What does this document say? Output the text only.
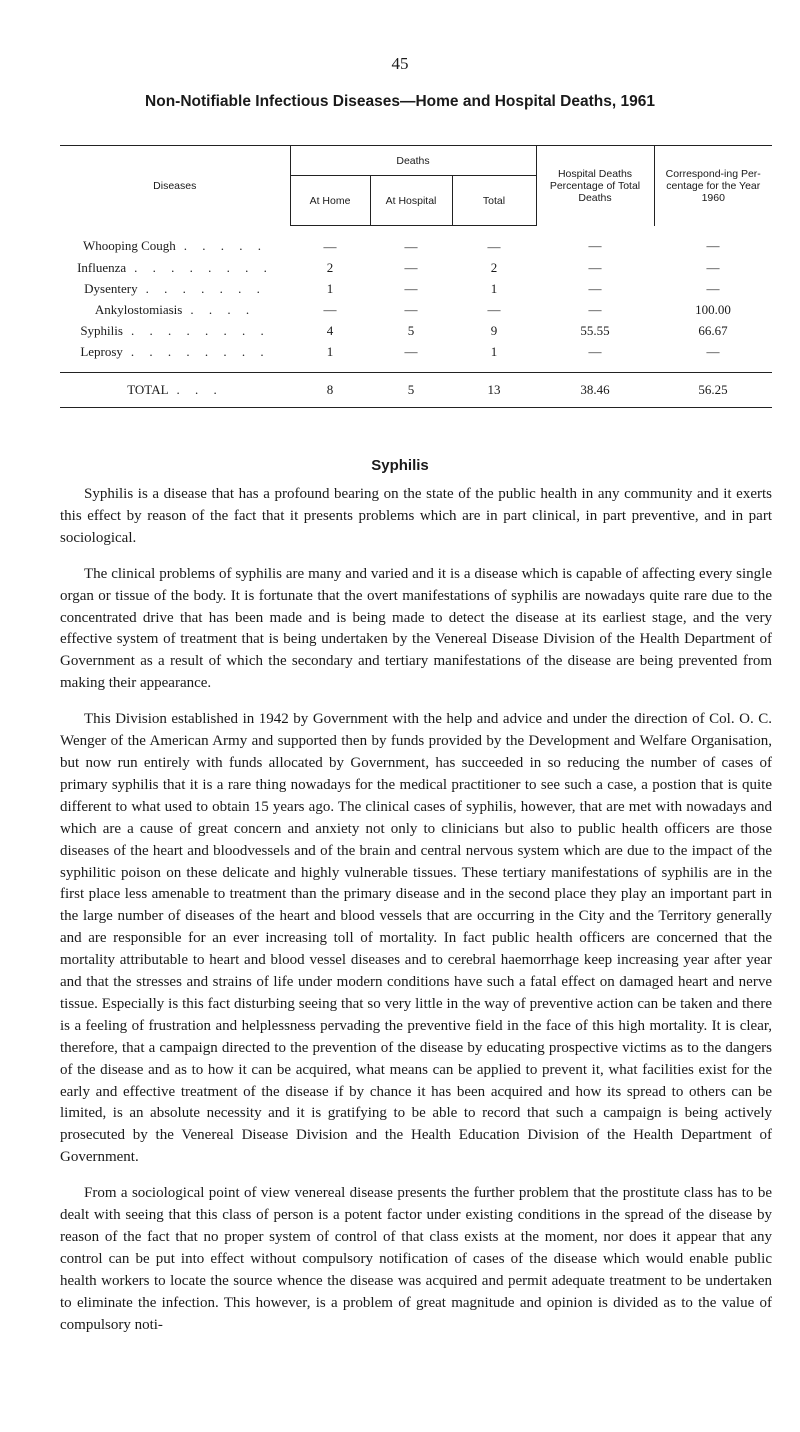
45
Non-Notifiable Infectious Diseases—Home and Hospital Deaths, 1961
Diseases	Deaths			Hospital Deaths Percentage of Total Deaths	Correspond-ing Per-centage for the Year 1960
	At Home	At Hospital	Total		
Whooping Cough . . . . .	—	—	—	—	—
Influenza . . . . . . . .	2	—	2	—	—
Dysentery . . . . . . .	1	—	1	—	—
Ankylostomiasis . . . .	—	—	—	—	100.00
Syphilis . . . . . . . .	4	5	9	55.55	66.67
Leprosy . . . . . . . .	1	—	1	—	—
TOTAL . . .	8	5	13	38.46	56.25
Syphilis

Syphilis is a disease that has a profound bearing on the state of the public health in any community and it exerts this effect by reason of the fact that it presents problems which are in part clinical, in part preventive, and in part sociological.

The clinical problems of syphilis are many and varied and it is a disease which is capable of affecting every single organ or tissue of the body. It is fortunate that the overt manifestations of syphilis are nowadays quite rare due to the concentrated drive that has been made and is being made to detect the disease at its earliest stage, and the very effective system of treatment that is being undertaken by the Venereal Disease Division of the Health Department of Government as a result of which the secondary and tertiary manifestations of the disease are being prevented from making their appearance.

This Division established in 1942 by Government with the help and advice and under the direction of Col. O. C. Wenger of the American Army and supported then by funds provided by the Development and Welfare Organisation, but now run entirely with funds allocated by Government, has succeeded in so reducing the number of cases of primary syphilis that it is a rare thing nowadays for the medical practitioner to see such a case, a postion that is quite different to what used to obtain 15 years ago. The clinical cases of syphilis, however, that are met with nowadays and which are a cause of great concern and anxiety not only to clinicians but also to public health officers are those diseases of the heart and bloodvessels and of the brain and central nervous system which are due to the impact of the syphilitic poison on these delicate and highly vulnerable tissues. These tertiary manifestations of syphilis are in the first place less amenable to treatment than the primary disease and in the second place they play an important part in the large number of diseases of the heart and blood vessels that are occurring in the City and the Territory generally and are responsible for an ever increasing toll of mortality. In fact public health officers are concerned that the mortality attributable to heart and blood vessel diseases and to cerebral haemorrhage keep increasing year after year and that the stresses and strains of life under modern conditions have such a fatal effect on damaged heart and nerve tissue. Especially is this fact disturbing seeing that so very little in the way of preventive action can be taken and there is a feeling of frustration and helplessness pervading the preventive field in the face of this high mortality. It is clear, therefore, that a campaign directed to the prevention of the disease by educating prospective victims as to the dangers of the disease and as to how it can be acquired, what means can be applied to prevent it, what facilities exist for the early and effective treatment of the disease if by chance it has been acquired and how its spread to others can be limited, is an absolute necessity and it is gratifying to be able to record that such a campaign is being actively prosecuted by the Venereal Disease Division and the Health Education Division of the Health Department of Government.

From a sociological point of view venereal disease presents the further problem that the prostitute class has to be dealt with seeing that this class of person is a potent factor under existing conditions in the spread of the disease by reason of the fact that no proper system of control of that class exists at the moment, nor does it appear that any control can be put into effect without compulsory notification of cases of the disease which would enable public health workers to locate the source whence the disease was acquired and permit adequate treatment to be undertaken to eliminate the infection. This however, is a problem of great magnitude and opinion is divided as to the value of compulsory noti-
